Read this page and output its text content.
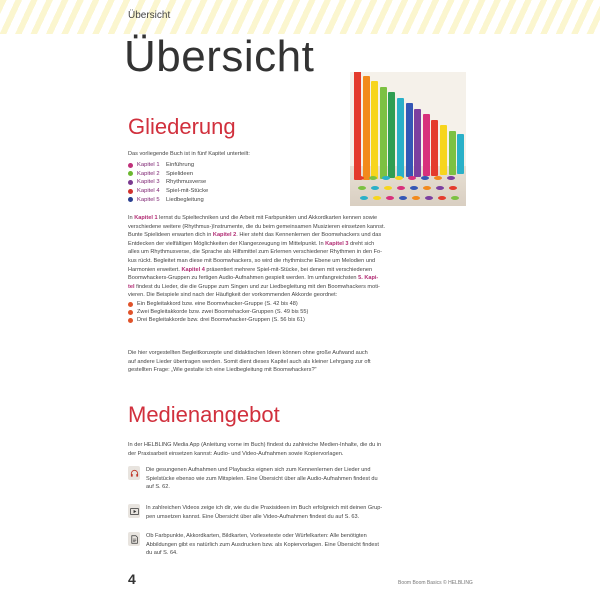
Übersicht
Übersicht
Gliederung

Das vorliegende Buch ist in fünf Kapitel unterteilt:

Kapitel 1	Einführung
Kapitel 2	Spielideen
Kapitel 3	Rhythmusverse
Kapitel 4	Spiel-mit-Stücke
Kapitel 5	Liedbegleitung
In Kapitel 1 lernst du Spieltechniken und die Arbeit mit Farbpunkten und Akkordkarten kennen sowie
verschiedene weitere (Rhythmus-)Instrumente, die du beim gemeinsamen Musizieren einsetzen kannst.
Bunte Spielideen erwarten dich in Kapitel 2. Hier steht das Kennenlernen der Boomwhackers und das
Entdecken der vielfältigen Möglichkeiten der Klangerzeugung im Mittelpunkt. In Kapitel 3 dreht sich
alles um Rhythmusverse, die Sprache als Hilfsmittel zum Erlernen verschiedener Rhythmen in den Fo-
kus rückt. Begleitet man diese mit Boomwhackers, so wird die rhythmische Ebene um Melodien und
Harmonien erweitert. Kapitel 4 präsentiert mehrere Spiel-mit-Stücke, bei denen mit verschiedenen
Boomwhackers-Gruppen zu fertigen Audio-Aufnahmen gespielt werden. Im umfangreichsten 5. Kapi-
tel findest du Lieder, die die Gruppe zum Singen und zur Liedbegleitung mit den Boomwhackers moti-
vieren. Die Beispiele sind nach der Häufigkeit der vorkommenden Akkorde geordnet:
Ein Begleitakkord bzw. eine Boomwhacker-Gruppe (S. 42 bis 48)
Zwei Begleitakkorde bzw. zwei Boomwhacker-Gruppen (S. 49 bis 55)
Drei Begleitakkorde bzw. drei Boomwhacker-Gruppen (S. 56 bis 61)
Die hier vorgestellten Begleitkonzepte und didaktischen Ideen können ohne große Aufwand auch
auf andere Lieder übertragen werden. Somit dient dieses Kapitel auch als kleiner Lehrgang zur oft
gestellten Frage: „Wie gestalte ich eine Liedbegleitung mit Boomwhackers?"
Medienangebot
In der HELBLING Media App (Anleitung vorne im Buch) findest du zahlreiche Medien-Inhalte, die du in
der Praxisarbeit einsetzen kannst: Audio- und Video-Aufnahmen sowie Kopiervorlagen.
Die gesungenen Aufnahmen und Playbacks eignen sich zum Kennenlernen der Lieder und
Spielstücke ebenso wie zum Mitspielen. Eine Übersicht über alle Audio-Aufnahmen findest du
auf S. 62.
In zahlreichen Videos zeige ich dir, wie du die Praxisideen im Buch erfolgreich mit deinen Grup-
pen umsetzen kannst. Eine Übersicht über alle Video-Aufnahmen findest du auf S. 63.
Ob Farbpunkte, Akkordkarten, Bildkarten, Vorlesetexte oder Würfelkarten: Alle benötigten
Abbildungen gibt es natürlich zum Ausdrucken bzw. als Kopiervorlagen. Eine Übersicht findest
du auf S. 64.
4	Boom Boom Basics © HELBLING
